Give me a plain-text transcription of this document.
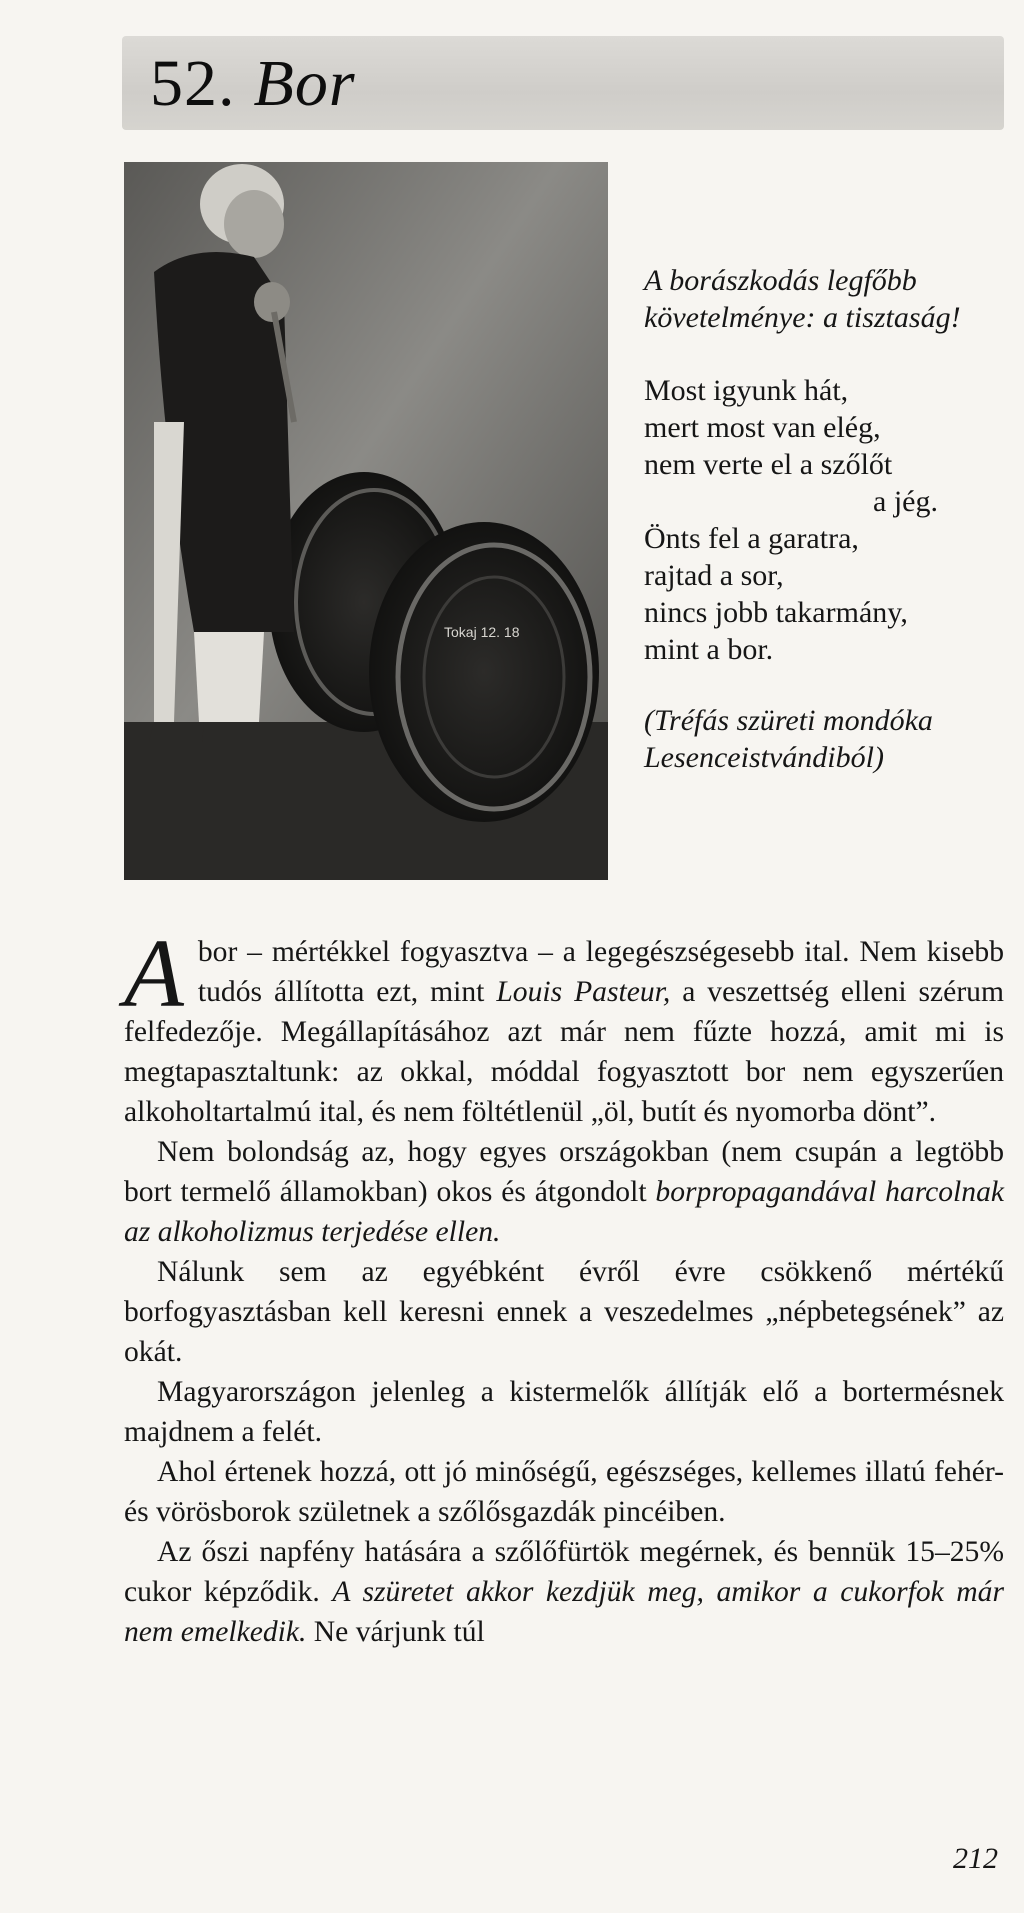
52. Bor
Tokaj 12. 18

A borászkodás legfőbb követelménye: a tisztaság!

Most igyunk hát,
mert most van elég,
nem verte el a szőlőt
a jég.
Önts fel a garatra,
rajtad a sor,
nincs jobb takarmány,
mint a bor.

(Tréfás szüreti mondóka Lesenceistvándiból)

A bor – mértékkel fogyasztva – a legegészségesebb ital. Nem kisebb tudós állította ezt, mint Louis Pasteur, a veszettség elleni szérum felfedezője. Megállapításához azt már nem fűzte hozzá, amit mi is megtapasztaltunk: az okkal, móddal fogyasztott bor nem egyszerűen alkoholtartalmú ital, és nem föltétlenül „öl, butít és nyomorba dönt”.

Nem bolondság az, hogy egyes országokban (nem csupán a legtöbb bort termelő államokban) okos és átgondolt borpropagandával harcolnak az alkoholizmus terjedése ellen.

Nálunk sem az egyébként évről évre csökkenő mértékű borfogyasztásban kell keresni ennek a veszedelmes „népbetegsének” az okát.

Magyarországon jelenleg a kistermelők állítják elő a bortermésnek majdnem a felét.

Ahol értenek hozzá, ott jó minőségű, egészséges, kellemes illatú fehér- és vörösborok születnek a szőlősgazdák pincéiben.

Az őszi napfény hatására a szőlőfürtök megérnek, és bennük 15–25% cukor képződik. A szüretet akkor kezdjük meg, amikor a cukorfok már nem emelkedik. Ne várjunk túl

212
